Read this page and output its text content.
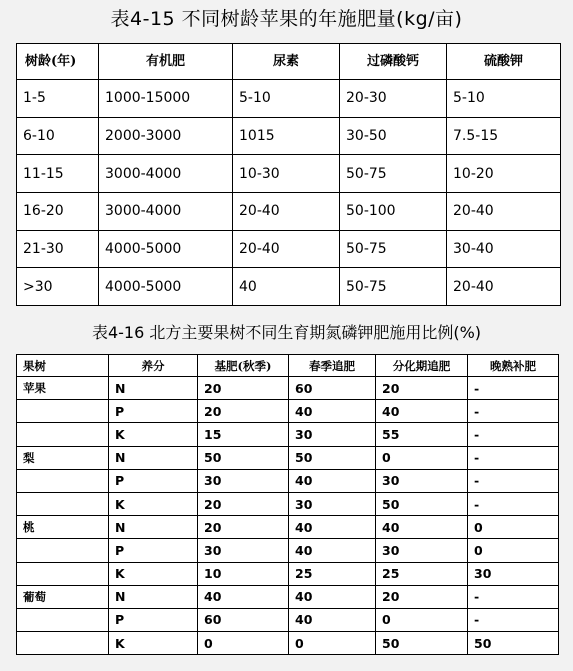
表4-15 不同树龄苹果的年施肥量(kg/亩)
树龄(年)	有机肥	尿素	过磷酸钙	硫酸钾
1-5	1000-15000	5-10	20-30	5-10
6-10	2000-3000	1015	30-50	7.5-15
11-15	3000-4000	10-30	50-75	10-20
16-20	3000-4000	20-40	50-100	20-40
21-30	4000-5000	20-40	50-75	30-40
>30	4000-5000	40	50-75	20-40
表4-16 北方主要果树不同生育期氮磷钾肥施用比例(%)
果树	养分	基肥(秋季)	春季追肥	分化期追肥	晚熟补肥
苹果	N	20	60	20	-
	P	20	40	40	-
	K	15	30	55	-
梨	N	50	50	0	-
	P	30	40	30	-
	K	20	30	50	-
桃	N	20	40	40	0
	P	30	40	30	0
	K	10	25	25	30
葡萄	N	40	40	20	-
	P	60	40	0	-
	K	0	0	50	50
